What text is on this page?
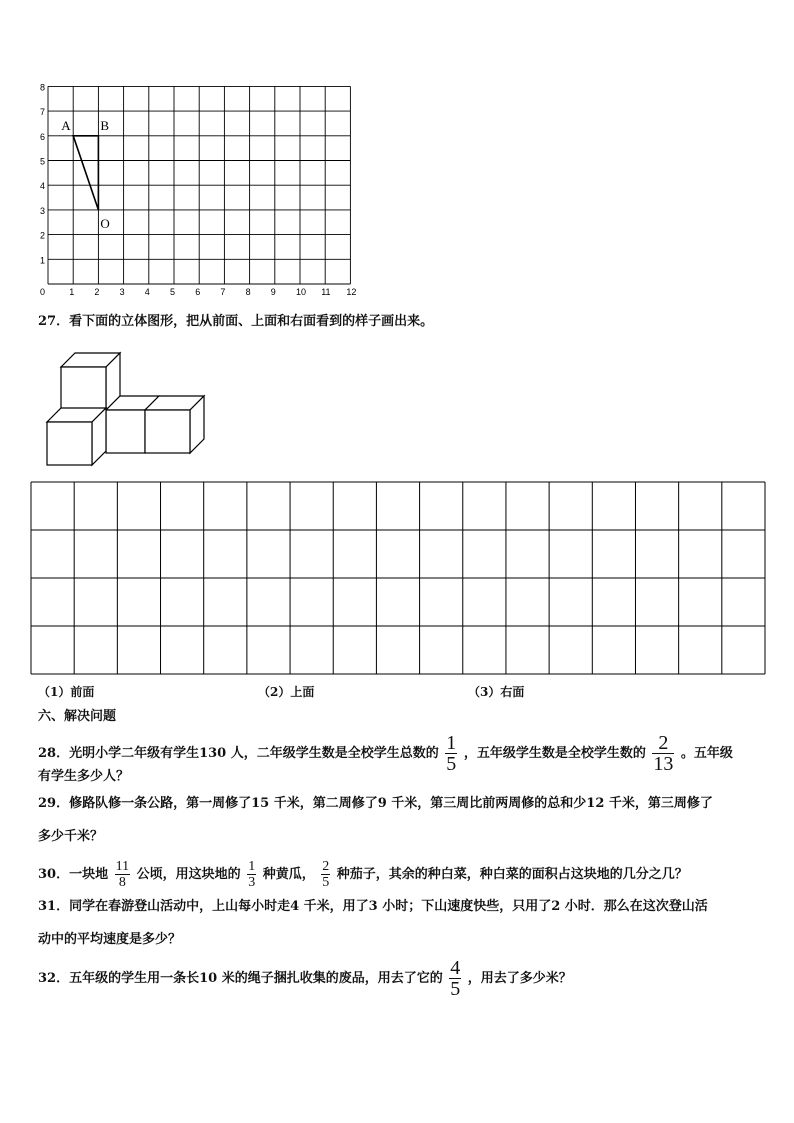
0	1 2 3 4 5 6 7 8 9 10 11 12
1
2
3
4
5
6
7
8
A B
O
27．看下面的立体图形，把从前面、上面和右面看到的样子画出来。
（1）前面	（2）上面	（3）右面
六、解决问题
28．光明小学二年级有学生130 人，二年级学生数是全校学生总数的 $\frac{1}{5}$ ，五年级学生数是全校学生数的 $\frac{2}{13}$ 。五年级
有学生多少人？
29．修路队修一条公路，第一周修了15 千米，第二周修了9 千米，第三周比前两周修的总和少12 千米，第三周修了
多少千米？
30．一块地 $\frac{11}{8}$ 公顷，用这块地的 $\frac{1}{3}$ 种黄瓜， $\frac{2}{5}$ 种茄子，其余的种白菜，种白菜的面积占这块地的几分之几？
31．同学在春游登山活动中，上山每小时走4 千米，用了3 小时；下山速度快些，只用了2 小时．那么在这次登山活
动中的平均速度是多少？
32．五年级的学生用一条长10 米的绳子捆扎收集的废品，用去了它的 $\frac{4}{5}$ ，用去了多少米？
